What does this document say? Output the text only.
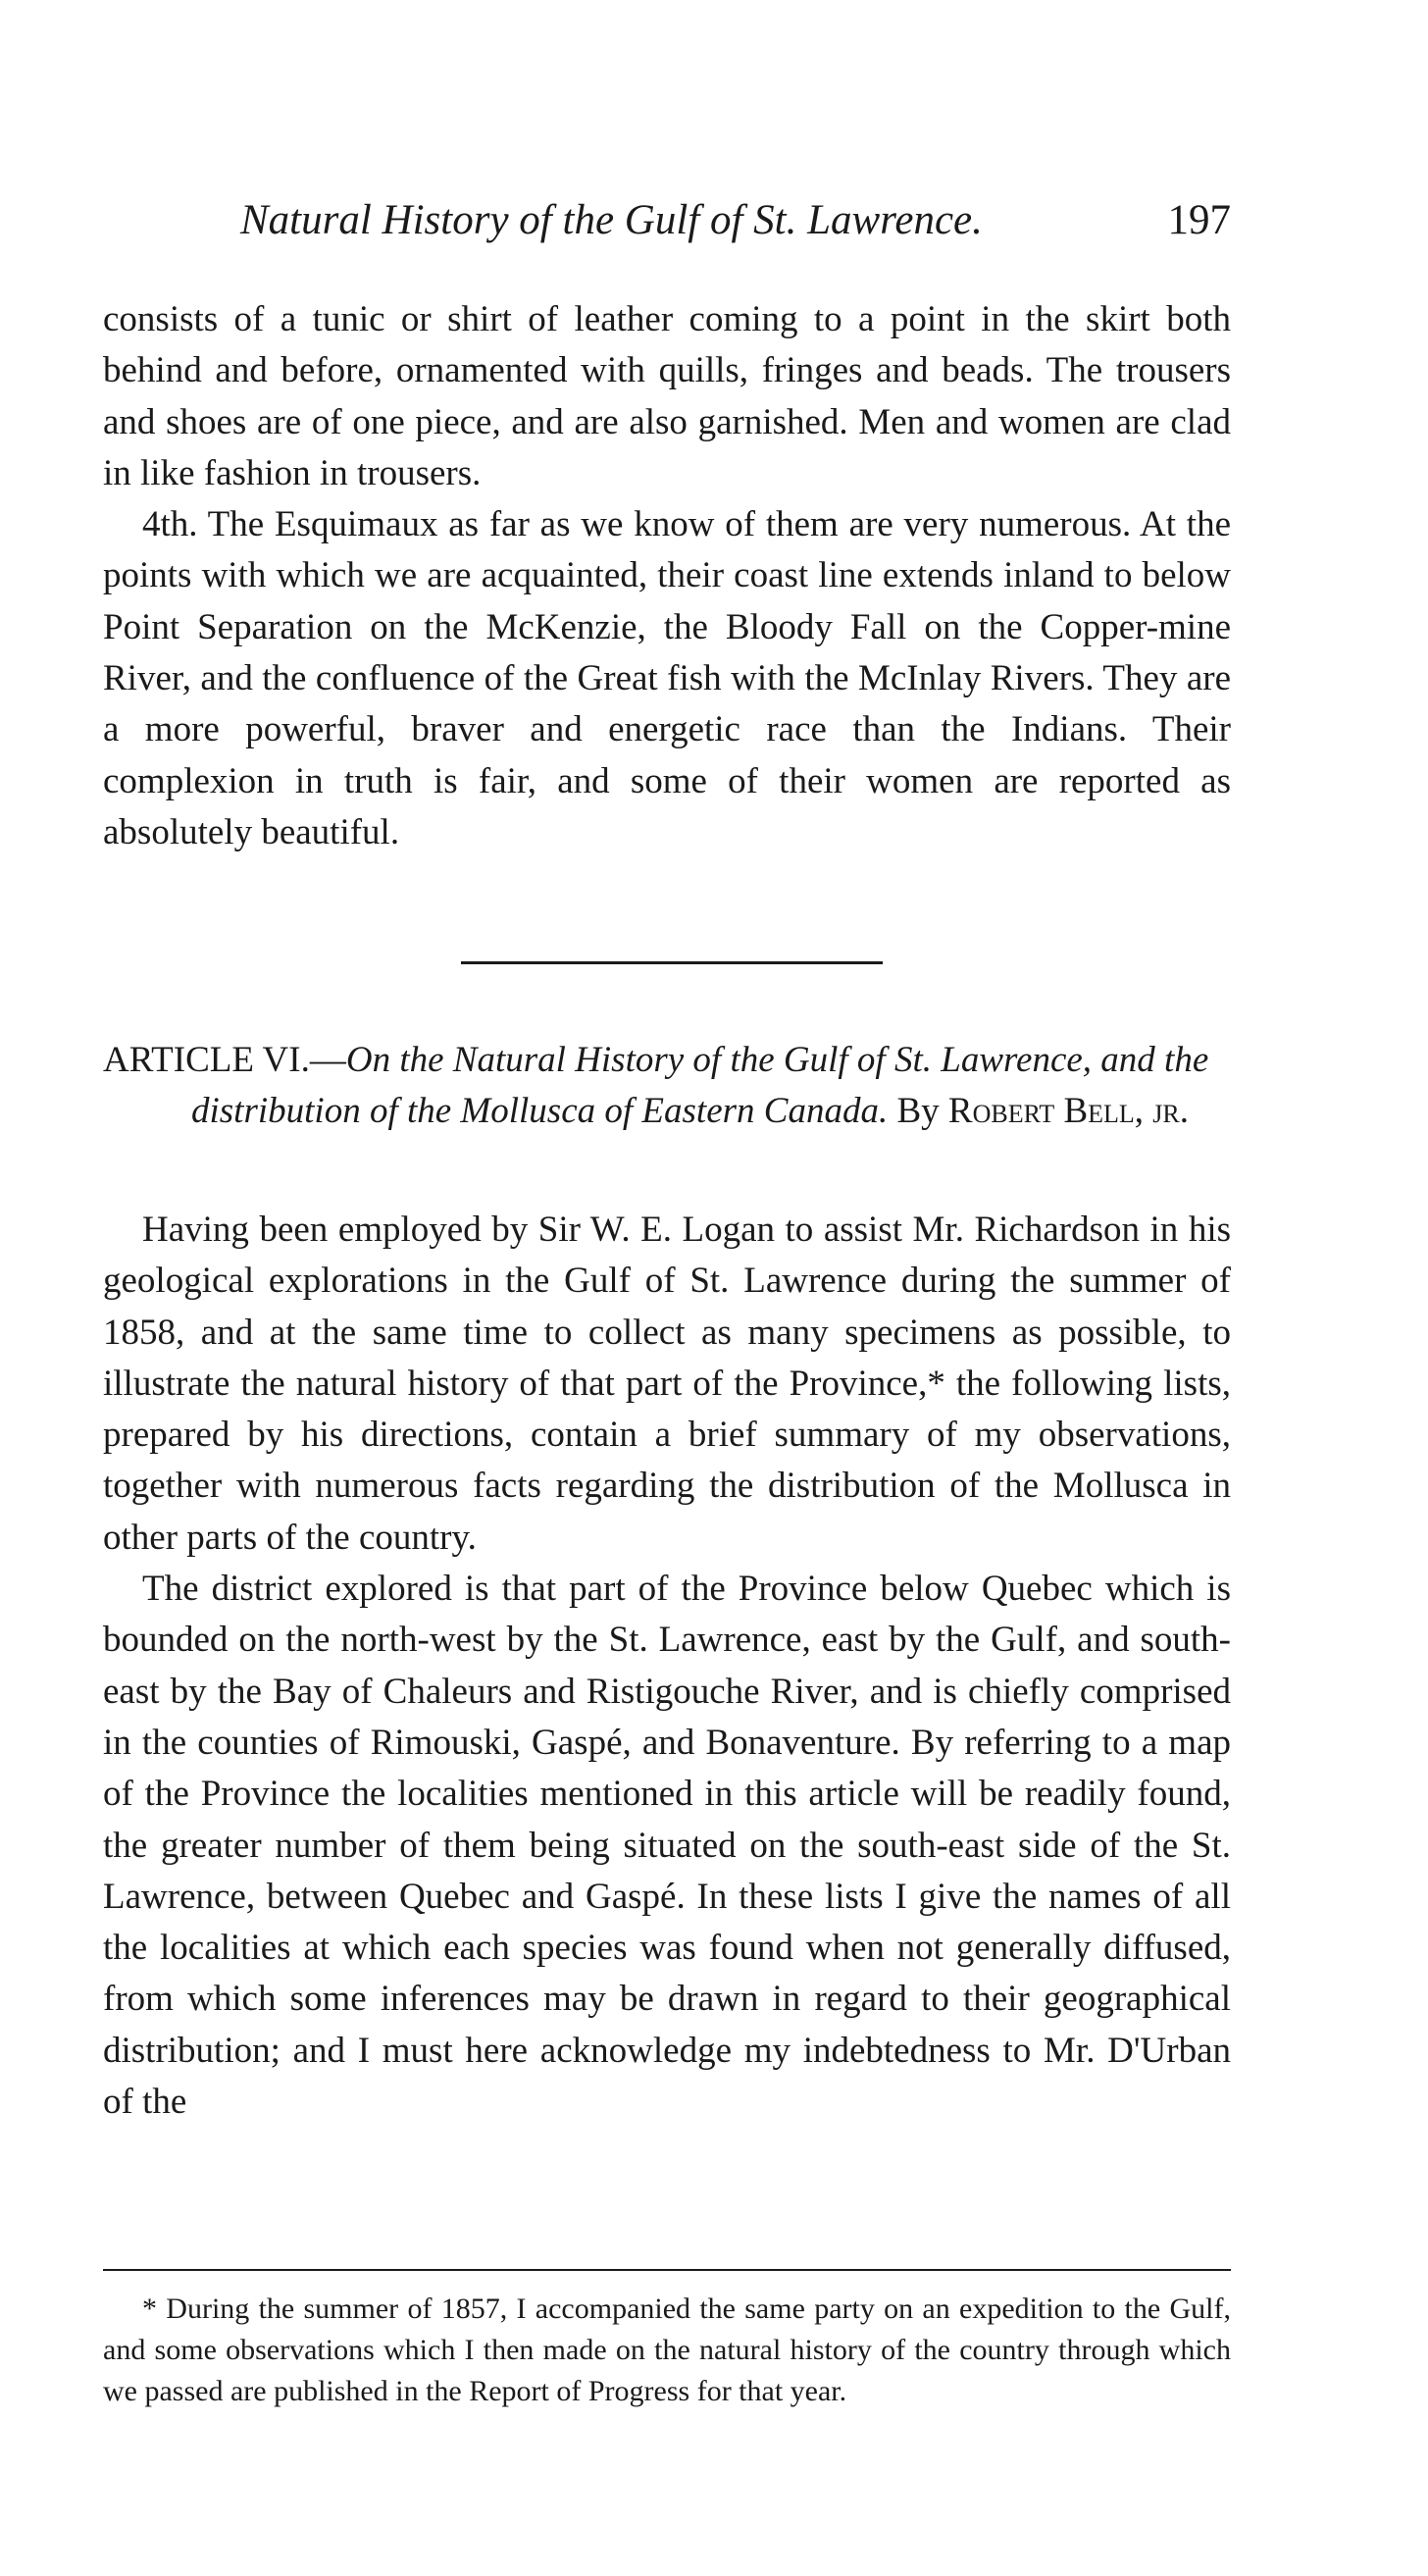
Natural History of the Gulf of St. Lawrence.	197

consists of a tunic or shirt of leather coming to a point in the skirt both behind and before, ornamented with quills, fringes and beads. The trousers and shoes are of one piece, and are also garnished. Men and women are clad in like fashion in trousers.

4th. The Esquimaux as far as we know of them are very numerous. At the points with which we are acquainted, their coast line extends inland to below Point Separation on the McKenzie, the Bloody Fall on the Copper-mine River, and the confluence of the Great fish with the McInlay Rivers. They are a more powerful, braver and energetic race than the Indians. Their complexion in truth is fair, and some of their women are reported as absolutely beautiful.

ARTICLE VI.—On the Natural History of the Gulf of St. Lawrence, and the distribution of the Mollusca of Eastern Canada. By Robert Bell, jr.

Having been employed by Sir W. E. Logan to assist Mr. Richardson in his geological explorations in the Gulf of St. Lawrence during the summer of 1858, and at the same time to collect as many specimens as possible, to illustrate the natural history of that part of the Province,* the following lists, prepared by his directions, contain a brief summary of my observations, together with numerous facts regarding the distribution of the Mollusca in other parts of the country.

The district explored is that part of the Province below Quebec which is bounded on the north-west by the St. Lawrence, east by the Gulf, and south-east by the Bay of Chaleurs and Ristigouche River, and is chiefly comprised in the counties of Rimouski, Gaspé, and Bonaventure. By referring to a map of the Province the localities mentioned in this article will be readily found, the greater number of them being situated on the south-east side of the St. Lawrence, between Quebec and Gaspé. In these lists I give the names of all the localities at which each species was found when not generally diffused, from which some inferences may be drawn in regard to their geographical distribution; and I must here acknowledge my indebtedness to Mr. D'Urban of the

* During the summer of 1857, I accompanied the same party on an expedition to the Gulf, and some observations which I then made on the natural history of the country through which we passed are published in the Report of Progress for that year.
